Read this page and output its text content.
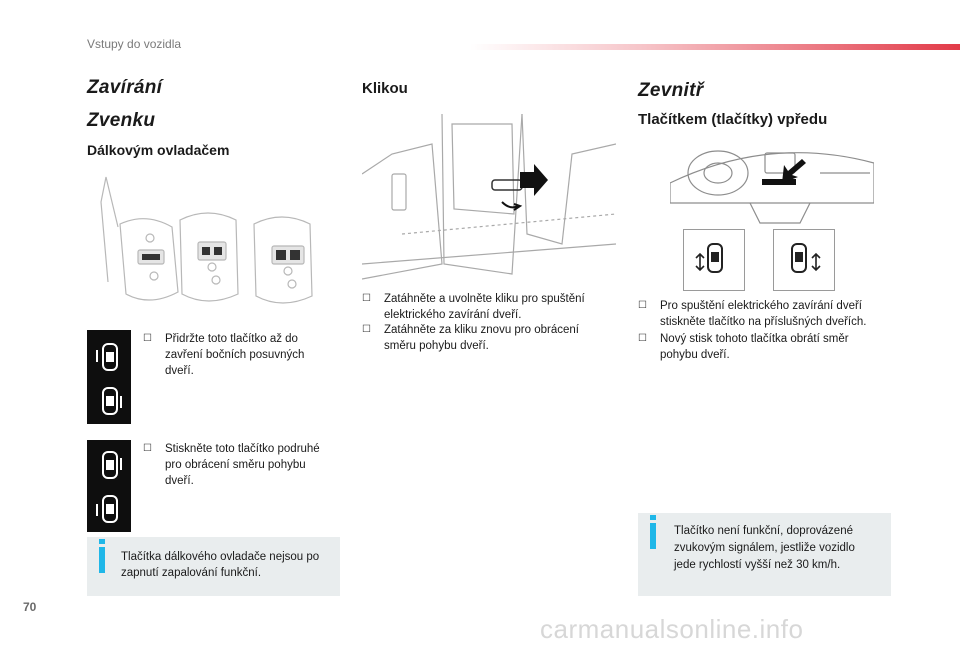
Vstupy do vozidla
Zavírání
Zvenku
Dálkovým ovladačem
☐	Přidržte toto tlačítko až do zavření bočních posuvných dveří.
☐	Stiskněte toto tlačítko podruhé pro obrácení směru pohybu dveří.
Tlačítka dálkového ovladače nejsou po zapnutí zapalování funkční.
Klikou
☐	Zatáhněte a uvolněte kliku pro spuštění elektrického zavírání dveří.
☐	Zatáhněte za kliku znovu pro obrácení směru pohybu dveří.
Zevnitř
Tlačítkem (tlačítky) vpředu
☐	Pro spuštění elektrického zavírání dveří stiskněte tlačítko na příslušných dveřích.
☐	Nový stisk tohoto tlačítka obrátí směr pohybu dveří.
Tlačítko není funkční, doprovázené zvukovým signálem, jestliže vozidlo jede rychlostí vyšší než 30 km/h.
70
carmanualsonline.info
